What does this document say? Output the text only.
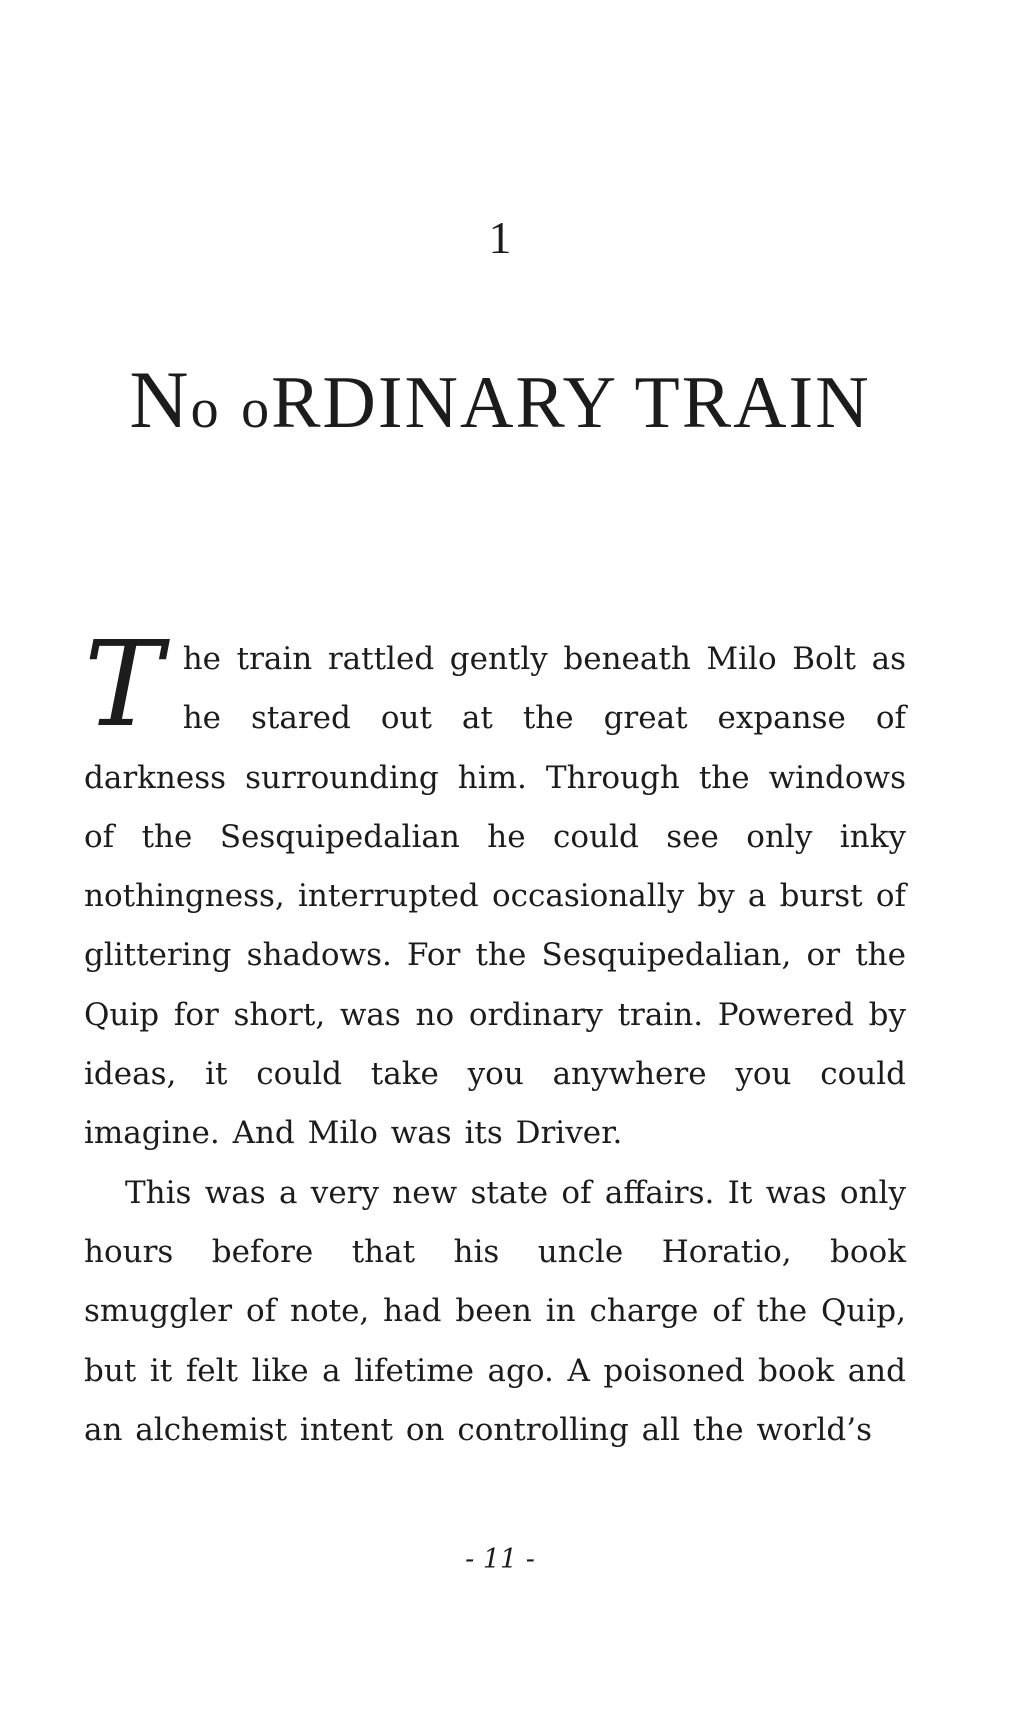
1
No oRDINARY TRAIN

The train rattled gently beneath Milo Bolt as he stared out at the great expanse of darkness surrounding him. Through the windows of the Sesquipedalian he could see only inky nothingness, interrupted occasionally by a burst of glittering shadows. For the Sesquipedalian, or the Quip for short, was no ordinary train. Powered by ideas, it could take you anywhere you could imagine. And Milo was its Driver.

This was a very new state of affairs. It was only hours before that his uncle Horatio, book smuggler of note, had been in charge of the Quip, but it felt like a lifetime ago. A poisoned book and an alchemist intent on controlling all the world’s

- 11 -
